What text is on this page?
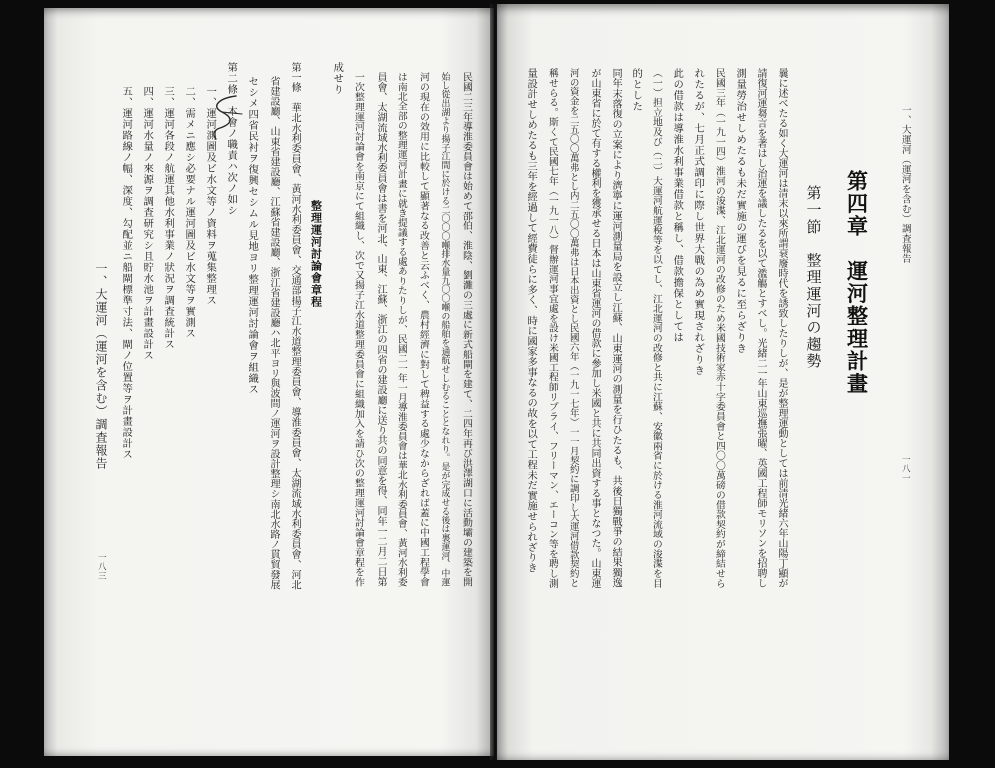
民國二三年導淮委員會は始めて邵伯、淮陰、劉灘の三處に新式船閘を建て、二四年再び洪澤湖口に活動壩の建築を開
始し從出湖より揚子江間に於ける二〇〇〇噸排水量九〇〇噸の船舶を通航せしむることとなれり。是が完成せる後は裏運河、中運
河の現在の效用に比較して顯著なる改善と云ふべく、農村經濟に對して稗益する處少なからざれば蓋に中國工程學會
は南北全部の整理運河計畫に就き提議する處ありたりしが、民國二一年一月導淮委員會は華北水利委員會、黃河水利委
員會、太湖流域水利委員會は書を河北、山東、江蘇、浙江の四省の建設廳に送り共の同意を得、同年一二月二日第
一次整理運河討論會を南京にて組織し、次で又揚子江水道整理委員會に組織加入を請ひ次の整理運河討論會章程を作
成せり
整理運河討論會章程
第一條　華北水利委員會、黃河水利委員會、交通部揚子江水道整理委員會、導淮委員會、太湖流域水利委員會、河北
省建設廳、山東省建設廳、江蘇省建設廳、浙江省建設廳ハ北平ヨリ與波間ノ運河ヲ設計整理シ南北水路ノ貫貿發展
セシメ四省民衬ヲ復興セシムル見地ヨリ整理運河討論會ヲ組織ス
第二條　本會ノ職責ハ次ノ如シ
一、運河測圖及ビ水文等ノ資料ヲ蒐集整理ス
二、需メニ應シ必要ナル運河圖及ビ水文等ヲ實測ス
三、運河各段ノ航運其他水利事業ノ狀況ヲ調査統計ス
四、運河水量ノ來源ヲ調査研究シ且貯水池ヲ計畫設計ス
五、運河路線ノ幅、深度、勾配並ニ船閘標準寸法、閘ノ位置等ヲ計畫設計ス
一、大運河（運河を含む）調査報告
一八三
一、大運河（運河を含む）調査報告
一八一
第四章　運河整理計畫
第一節　整理運河の趨勢
曩に述べたる如く大運河は清末以來所謂衰廢時代を誘致したりしが、是が整理運動としては前清光緒六年山陽丁顯が
請復河運芻言を著はし治運を議したるを以て濫觴とすべし。光緒二一年山東巡撫張曜、英國工程師モリソンを招聘し
測量勞治せしめたるも未だ實施の運びを見るに至らざりき
民國三年（一九一四）淮河の浚渫、江北運河の改修のため米國技術家赤十字委員會と四〇〇萬磅の借款契約が締結せら
れたるが、七月正式調印に際し世界大戰の為め實現されざりき
此の借款は導淮水利事業借款と稱し、借款擔保としては
（一）担立地及び（二）大運河航運稅等を以てし、江北運河の改修と共に江蘇、安徽兩省に於ける淮河流域の浚渫を目
的とした
同年末落復の立案により濟寧に運河測量局を設立し江蘇、山東運河の測量を行ひたるも、共後日獨戰爭の結果獨逸
が山東省に於て有する權利を獲承せる日本は山東省運河の借款に參加し米國と共に共同出資する事となつた。山東運
河の資金を二五〇〇萬弗とし内二五〇〇萬弗は日本出資とし民國六年（一九一七年）一一月契約に調印し大運河借款契約と
稱せらる。斯くて民國七年（一九一八）督辦運河事宜處を設け米國工程師リプライ、フリーマン、エーコン等を聘し測
量設計せしめたるも三年を經過して經費徒らに多く、時に國家多事なるの故を以て工程未だ實施せられざりき
